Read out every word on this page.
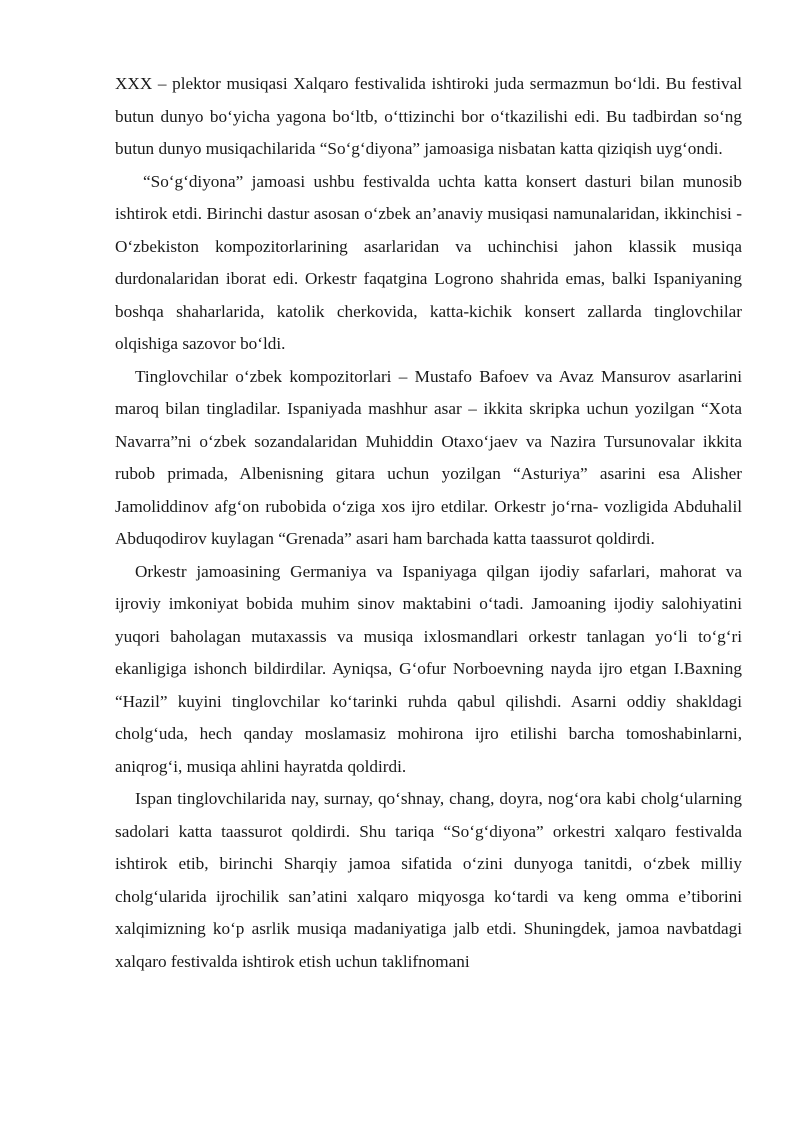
XXX – plektor musiqasi Xalqaro festivalida ishtiroki juda sermazmun bo‘ldi. Bu festival butun dunyo bo‘yicha yagona bo‘ltb, o‘ttizinchi bor o‘tkazilishi edi. Bu tadbirdan so‘ng butun dunyo musiqachilarida “So‘g‘diyona” jamoasiga nisbatan katta qiziqish uyg‘ondi.

“So‘g‘diyona” jamoasi ushbu festivalda uchta katta konsert dasturi bilan munosib ishtirok etdi. Birinchi dastur asosan o‘zbek an’anaviy musiqasi namunalaridan, ikkinchisi - O‘zbekiston kompozitorlarining asarlaridan va uchinchisi jahon klassik musiqa durdonalaridan iborat edi. Orkestr faqatgina Logrono shahrida emas, balki Ispaniyaning boshqa shaharlarida, katolik cherkovida, katta-kichik konsert zallarda tinglovchilar olqishiga sazovor bo‘ldi.

Tinglovchilar o‘zbek kompozitorlari – Mustafo Bafoev va Avaz Mansurov asarlarini maroq bilan tingladilar. Ispaniyada mashhur asar – ikkita skripka uchun yozilgan “Xota Navarra”ni o‘zbek sozandalaridan Muhiddin Otaxo‘jaev va Nazira Tursunovalar ikkita rubob primada, Albenisning gitara uchun yozilgan “Asturiya” asarini esa Alisher Jamoliddinov afg‘on rubobida o‘ziga xos ijro etdilar. Orkestr jo‘rna- vozligida Abduhalil Abduqodirov kuylagan “Grenada” asari ham barchada katta taassurot qoldirdi.

Orkestr jamoasining Germaniya va Ispaniyaga qilgan ijodiy safarlari, mahorat va ijroviy imkoniyat bobida muhim sinov maktabini o‘tadi. Jamoaning ijodiy salohiyatini yuqori baholagan mutaxassis va musiqa ixlosmandlari orkestr tanlagan yo‘li to‘g‘ri ekanligiga ishonch bildirdilar. Ayniqsa, G‘ofur Norboevning nayda ijro etgan I.Baxning “Hazil” kuyini tinglovchilar ko‘tarinki ruhda qabul qilishdi. Asarni oddiy shakldagi cholg‘uda, hech qanday moslamasiz mohirona ijro etilishi barcha tomoshabinlarni, aniqrog‘i, musiqa ahlini hayratda qoldirdi.

Ispan tinglovchilarida nay, surnay, qo‘shnay, chang, doyra, nog‘ora kabi cholg‘ularning sadolari katta taassurot qoldirdi. Shu tariqa “So‘g‘diyona” orkestri xalqaro festivalda ishtirok etib, birinchi Sharqiy jamoa sifatida o‘zini dunyoga tanitdi, o‘zbek milliy cholg‘ularida ijrochilik san’atini xalqaro miqyosga ko‘tardi va keng omma e’tiborini xalqimizning ko‘p asrlik musiqa madaniyatiga jalb etdi. Shuningdek, jamoa navbatdagi xalqaro festivalda ishtirok etish uchun taklifnomani
